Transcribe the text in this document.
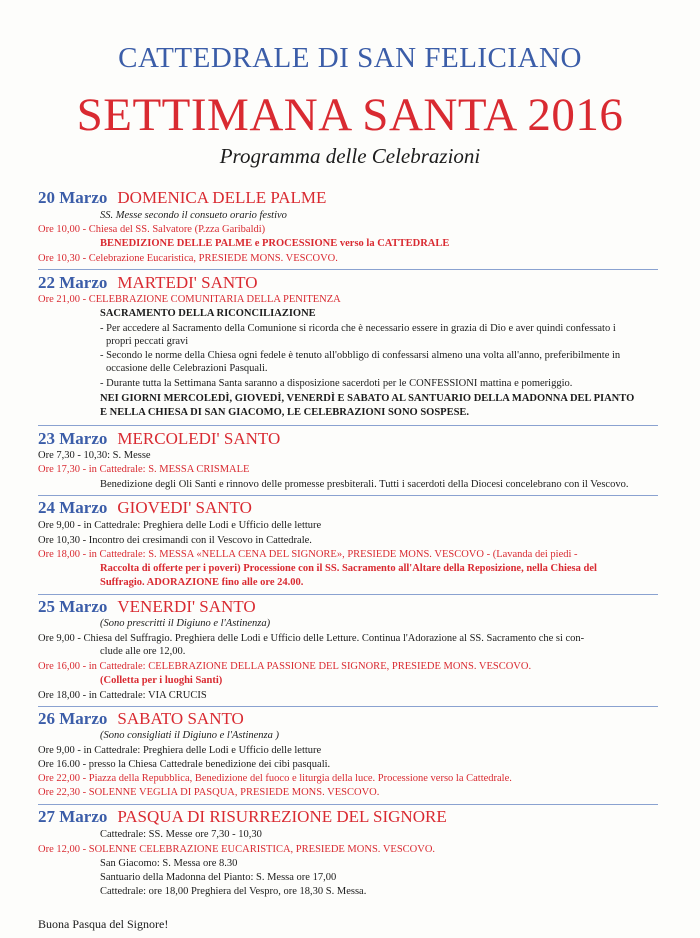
CATTEDRALE DI SAN FELICIANO
SETTIMANA SANTA 2016
Programma delle Celebrazioni
20 Marzo DOMENICA DELLE PALME
SS. Messe secondo il consueto orario festivo
Ore 10,00 - Chiesa del SS. Salvatore (P.zza Garibaldi)
BENEDIZIONE DELLE PALME e PROCESSIONE verso la CATTEDRALE
Ore 10,30 - Celebrazione Eucaristica, PRESIEDE MONS. VESCOVO.
22 Marzo MARTEDI' SANTO
Ore 21,00 - CELEBRAZIONE COMUNITARIA DELLA PENITENZA
SACRAMENTO DELLA RICONCILIAZIONE
- Per accedere al Sacramento della Comunione si ricorda che è necessario essere in grazia di Dio e aver quindi confessato i
propri peccati gravi
- Secondo le norme della Chiesa ogni fedele è tenuto all'obbligo di confessarsi almeno una volta all'anno, preferibilmente in
occasione delle Celebrazioni Pasquali.
- Durante tutta la Settimana Santa saranno a disposizione sacerdoti per le CONFESSIONI mattina e pomeriggio.
NEI GIORNI MERCOLEDÌ, GIOVEDÌ, VENERDÌ E SABATO AL SANTUARIO DELLA MADONNA DEL PIANTO
E NELLA CHIESA DI SAN GIACOMO, LE CELEBRAZIONI SONO SOSPESE.
23 Marzo MERCOLEDI' SANTO
Ore 7,30 - 10,30: S. Messe
Ore 17,30 - in Cattedrale: S. MESSA CRISMALE
Benedizione degli Oli Santi e rinnovo delle promesse presbiterali. Tutti i sacerdoti della Diocesi concelebrano con il Vescovo.
24 Marzo GIOVEDI' SANTO
Ore 9,00 - in Cattedrale: Preghiera delle Lodi e Ufficio delle letture
Ore 10,30 - Incontro dei cresimandi con il Vescovo in Cattedrale.
Ore 18,00 - in Cattedrale: S. MESSA «NELLA CENA DEL SIGNORE», PRESIEDE MONS. VESCOVO - (Lavanda dei piedi -
Raccolta di offerte per i poveri) Processione con il SS. Sacramento all'Altare della Reposizione, nella Chiesa del
Suffragio. ADORAZIONE fino alle ore 24.00.
25 Marzo VENERDI' SANTO
(Sono prescritti il Digiuno e l'Astinenza)
Ore 9,00 - Chiesa del Suffragio. Preghiera delle Lodi e Ufficio delle Letture. Continua l'Adorazione al SS. Sacramento che si con-
clude alle ore 12,00.
Ore 16,00 - in Cattedrale: CELEBRAZIONE DELLA PASSIONE DEL SIGNORE, PRESIEDE MONS. VESCOVO.
(Colletta per i luoghi Santi)
Ore 18,00 - in Cattedrale: VIA CRUCIS
26 Marzo SABATO SANTO
(Sono consigliati il Digiuno e l'Astinenza )
Ore 9,00 - in Cattedrale: Preghiera delle Lodi e Ufficio delle letture
Ore 16.00 - presso la Chiesa Cattedrale benedizione dei cibi pasquali.
Ore 22,00 - Piazza della Repubblica, Benedizione del fuoco e liturgia della luce. Processione verso la Cattedrale.
Ore 22,30 - SOLENNE VEGLIA DI PASQUA, PRESIEDE MONS. VESCOVO.
27 Marzo PASQUA DI RISURREZIONE DEL SIGNORE
Cattedrale: SS. Messe ore 7,30 - 10,30
Ore 12,00 - SOLENNE CELEBRAZIONE EUCARISTICA, PRESIEDE MONS. VESCOVO.
San Giacomo: S. Messa ore 8.30
Santuario della Madonna del Pianto: S. Messa ore 17,00
Cattedrale: ore 18,00 Preghiera del Vespro, ore 18,30 S. Messa.
Buona Pasqua del Signore!
